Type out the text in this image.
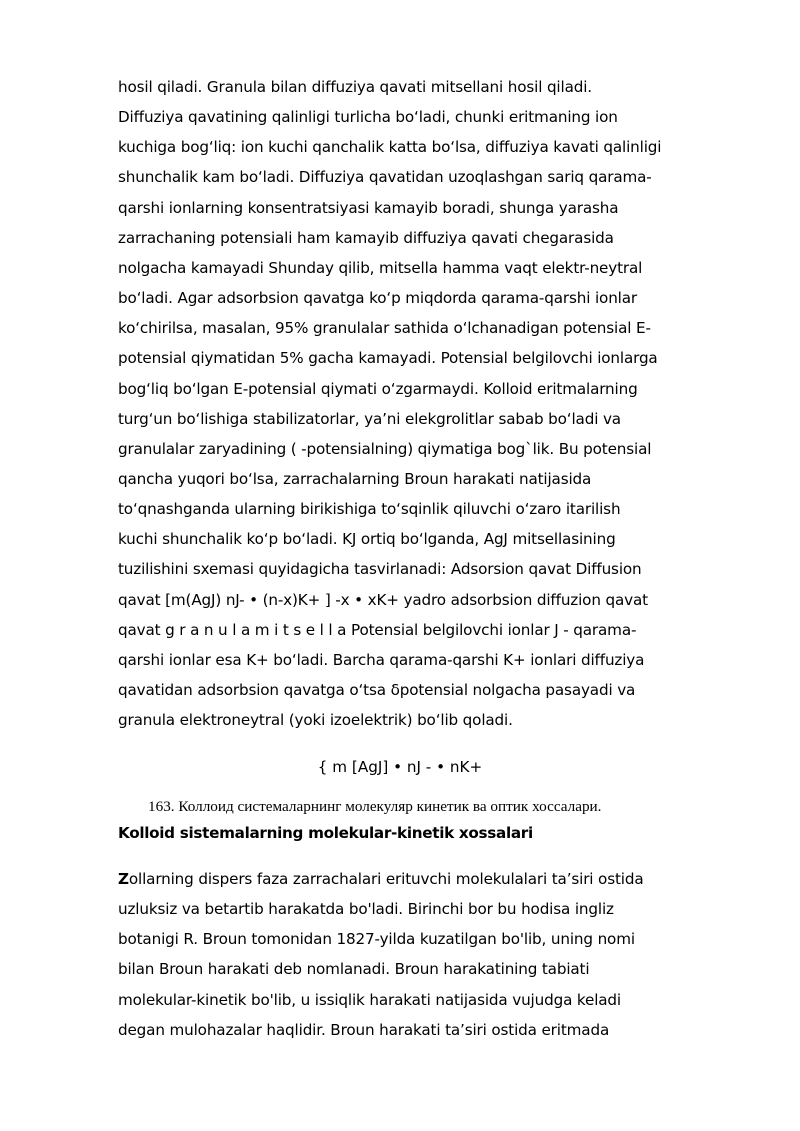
hosil qiladi. Granula bilan diffuziya qavati mitsellani hosil qiladi.
Diffuziya qavatining qalinligi turlicha bo‘ladi, chunki eritmaning ion
kuchiga bog‘liq: ion kuchi qanchalik katta bo‘lsa, diffuziya kavati qalinligi
shunchalik kam bo‘ladi. Diffuziya qavatidan uzoqlashgan sariq qarama-
qarshi ionlarning konsentratsiyasi kamayib boradi, shunga yarasha
zarrachaning potensiali ham kamayib diffuziya qavati chegarasida
nolgacha kamayadi Shunday qilib, mitsella hamma vaqt elektr-neytral
bo‘ladi. Agar adsorbsion qavatga ko‘p miqdorda qarama-qarshi ionlar
ko‘chirilsa, masalan, 95% granulalar sathida o‘lchanadigan potensial E-
potensial qiymatidan 5% gacha kamayadi. Potensial belgilovchi ionlarga
bog‘liq bo‘lgan E-potensial qiymati o‘zgarmaydi. Kolloid eritmalarning
turg‘un bo‘lishiga stabilizatorlar, ya’ni elekgrolitlar sabab bo‘ladi va
granulalar zaryadining ( -potensialning) qiymatiga bog`lik. Bu potensial
qancha yuqori bo‘lsa, zarrachalarning Broun harakati natijasida
to‘qnashganda ularning birikishiga to‘sqinlik qiluvchi o‘zaro itarilish
kuchi shunchalik ko‘p bo‘ladi. KJ ortiq bo‘lganda, AgJ mitsellasining
tuzilishini sxemasi quyidagicha tasvirlanadi: Adsorsion qavat Diffusion
qavat [m(AgJ) nJ- • (n-x)K+ ] -x • xK+ yadro adsorbsion diffuzion qavat
qavat g r a n u l a m i t s e l l a Potensial belgilovchi ionlar J - qarama-
qarshi ionlar esa K+ bo‘ladi. Barcha qarama-qarshi K+ ionlari diffuziya
qavatidan adsorbsion qavatga o‘tsa δpotensial nolgacha pasayadi va
granula elektroneytral (yoki izoelektrik) bo‘lib qoladi.
{ m [AgJ] • nJ - • nK+
163. Коллоид системаларнинг молекуляр кинетик ва оптик хоссалари.
Kolloid sistemalarning molekular-kinetik xossalari
Zollarning dispers faza zarrachalari erituvchi molekulalari ta’siri ostida
uzluksiz va betartib harakatda bo'ladi. Birinchi bor bu hodisa ingliz
botanigi R. Broun tomonidan 1827-yilda kuzatilgan bo'lib, uning nomi
bilan Broun harakati deb nomlanadi. Broun harakatining tabiati
molekular-kinetik bo'lib, u issiqlik harakati natijasida vujudga keladi
degan mulohazalar haqlidir. Broun harakati ta’siri ostida eritmada
